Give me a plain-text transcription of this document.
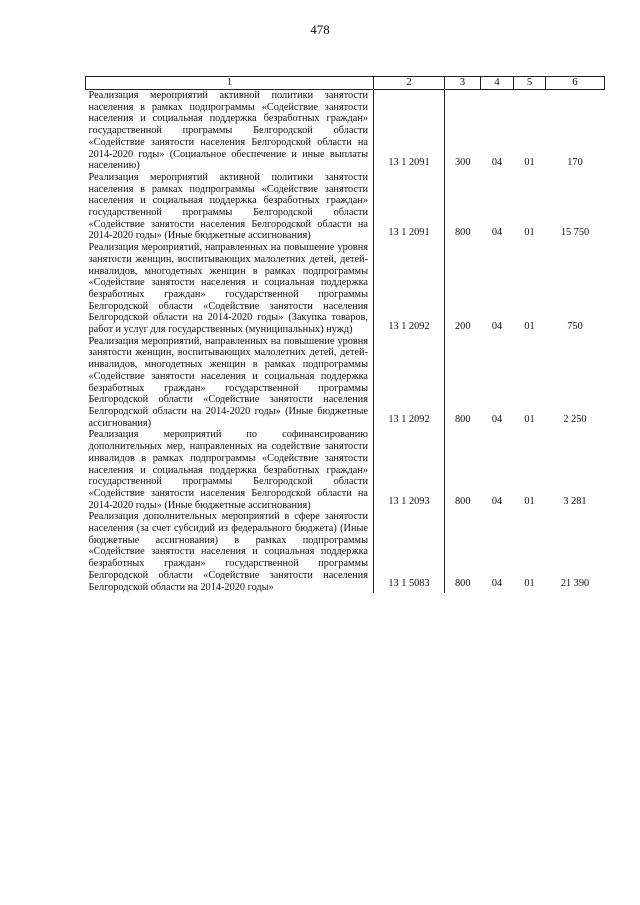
478
1	2	3	4	5	6
Реализация мероприятий активной политики занятости населения в рамках подпрограммы «Содействие занятости населения и социальная поддержка безработных граждан» государственной программы Белгородской области «Содействие занятости населения Белгородской области на 2014-2020 годы» (Социальное обеспечение и иные выплаты населению)	13 1 2091	300	04	01	170
Реализация мероприятий активной политики занятости населения в рамках подпрограммы «Содействие занятости населения и социальная поддержка безработных граждан» государственной программы Белгородской области «Содействие занятости населения Белгородской области на 2014-2020 годы» (Иные бюджетные ассигнования)	13 1 2091	800	04	01	15 750
Реализация мероприятий, направленных на повышение уровня занятости женщин, воспитывающих малолетних детей, детей-инвалидов, многодетных женщин в рамках подпрограммы «Содействие занятости населения и социальная поддержка безработных граждан» государственной программы Белгородской области «Содействие занятости населения Белгородской области на 2014-2020 годы» (Закупка товаров, работ и услуг для государственных (муниципальных) нужд)	13 1 2092	200	04	01	750
Реализация мероприятий, направленных на повышение уровня занятости женщин, воспитывающих малолетних детей, детей-инвалидов, многодетных женщин в рамках подпрограммы «Содействие занятости населения и социальная поддержка безработных граждан» государственной программы Белгородской области «Содействие занятости населения Белгородской области на 2014-2020 годы» (Иные бюджетные ассигнования)	13 1 2092	800	04	01	2 250
Реализация мероприятий по софинансированию дополнительных мер, направленных на содействие занятости инвалидов в рамках подпрограммы «Содействие занятости населения и социальная поддержка безработных граждан» государственной программы Белгородской области «Содействие занятости населения Белгородской области на 2014-2020 годы» (Иные бюджетные ассигнования)	13 1 2093	800	04	01	3 281
Реализация дополнительных мероприятий в сфере занятости населения (за счет субсидий из федерального бюджета) (Иные бюджетные ассигнования) в рамках подпрограммы «Содействие занятости населения и социальная поддержка безработных граждан» государственной программы Белгородской области «Содействие занятости населения Белгородской области на 2014-2020 годы»	13 1 5083	800	04	01	21 390
